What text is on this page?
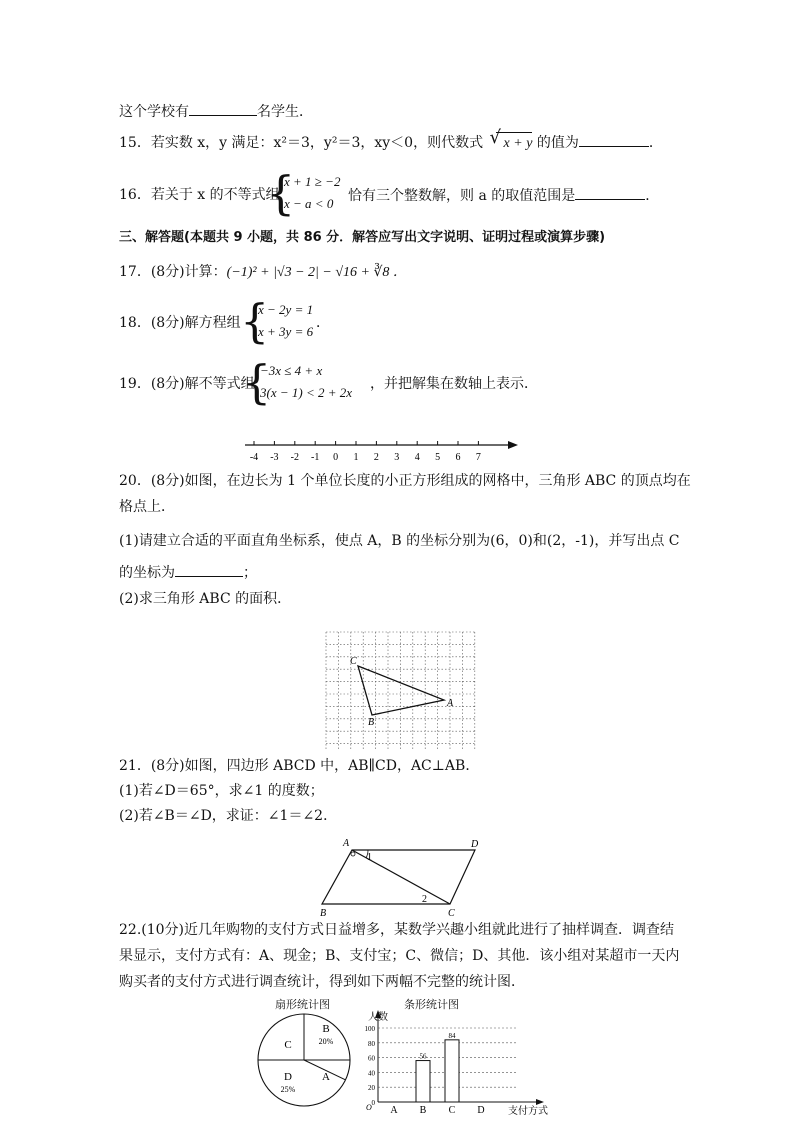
这个学校有	名学生．
15．若实数 x，y 满足：x²＝3，y²＝3，xy＜0，则代数式 √ x + y 的值为	．
16．若关于 x 的不等式组
{
x + 1 ≥ −2
x − a < 0	恰有三个整数解，则 a 的取值范围是	．
三、解答题(本题共 9 小题，共 86 分．解答应写出文字说明、证明过程或演算步骤)
17．(8分)计算：(−1)² + |√3 − 2| − √16 + ∛8 ．
18．(8分)解方程组 {
x − 2y = 1
x + 3y = 6
．
19．(8分)解不等式组
{
−3x ≤ 4 + x
3(x − 1) < 2 + 2x
，并把解集在数轴上表示．
-4 -3 -2 -1 0 1 2 3 4 5 6 7
20．(8分)如图，在边长为 1 个单位长度的小正方形组成的网格中，三角形 ABC 的顶点均在
格点上．
(1)请建立合适的平面直角坐标系，使点 A，B 的坐标分别为(6，0)和(2，-1)，并写出点 C
的坐标为	；
(2)求三角形 ABC 的面积．
C
A
B
21．(8分)如图，四边形 ABCD 中，AB∥CD，AC⊥AB．
(1)若∠D＝65°，求∠1 的度数；
(2)若∠B＝∠D，求证：∠1＝∠2．
A	D
B	C
1
2
22.(10分)近几年购物的支付方式日益增多，某数学兴趣小组就此进行了抽样调查．调查结
果显示，支付方式有：A、现金；B、支付宝；C、微信；D、其他．该小组对某超市一天内
购买者的支付方式进行调查统计，得到如下两幅不完整的统计图．
扇形统计图
A
B
20%
C
D
25%
条形统计图
0
20
40
60
80
100
人数
支付方式
O A B
56
C
84
D
